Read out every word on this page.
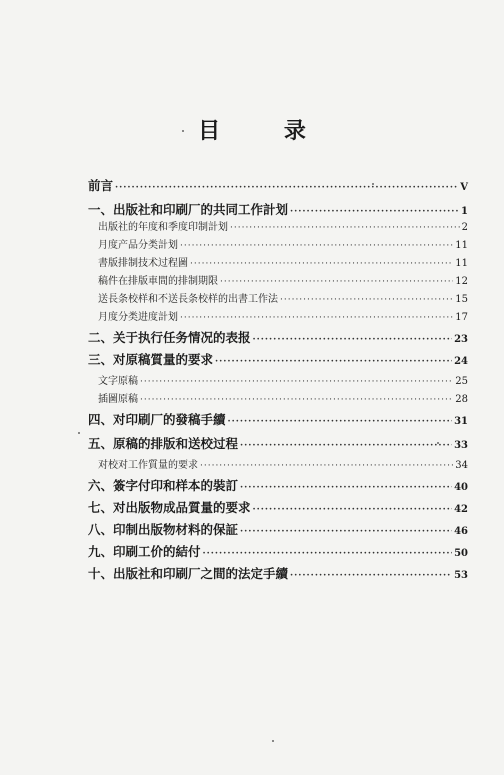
目 录
前言 ·····	V
一、出版社和印刷厂的共同工作計划 ·····	1
出版社的年度和季度印制計划 ·····	2
月度产品分类計划 ·····	11
書版排制技术过程圖 ·····	11
稿件在排版車間的排制期限 ·····	12
送長条校样和不送長条校样的出書工作法 ·····	15
月度分类进度計划 ·····	17
二、关于执行任务情况的表报 ·····	23
三、对原稿質量的要求 ·····	24
文字原稿 ·····	25
插圖原稿 ·····	28
四、对印刷厂的發稿手續 ·····	31
五、原稿的排版和送校过程 ·····	33
对校对工作質量的要求 ·····	34
六、簽字付印和样本的裝訂 ·····	40
七、对出版物成品質量的要求 ·····	42
八、印制出版物材料的保証 ·····	46
九、印刷工价的結付 ·····	50
十、出版社和印刷厂之間的法定手續 ·····	53
